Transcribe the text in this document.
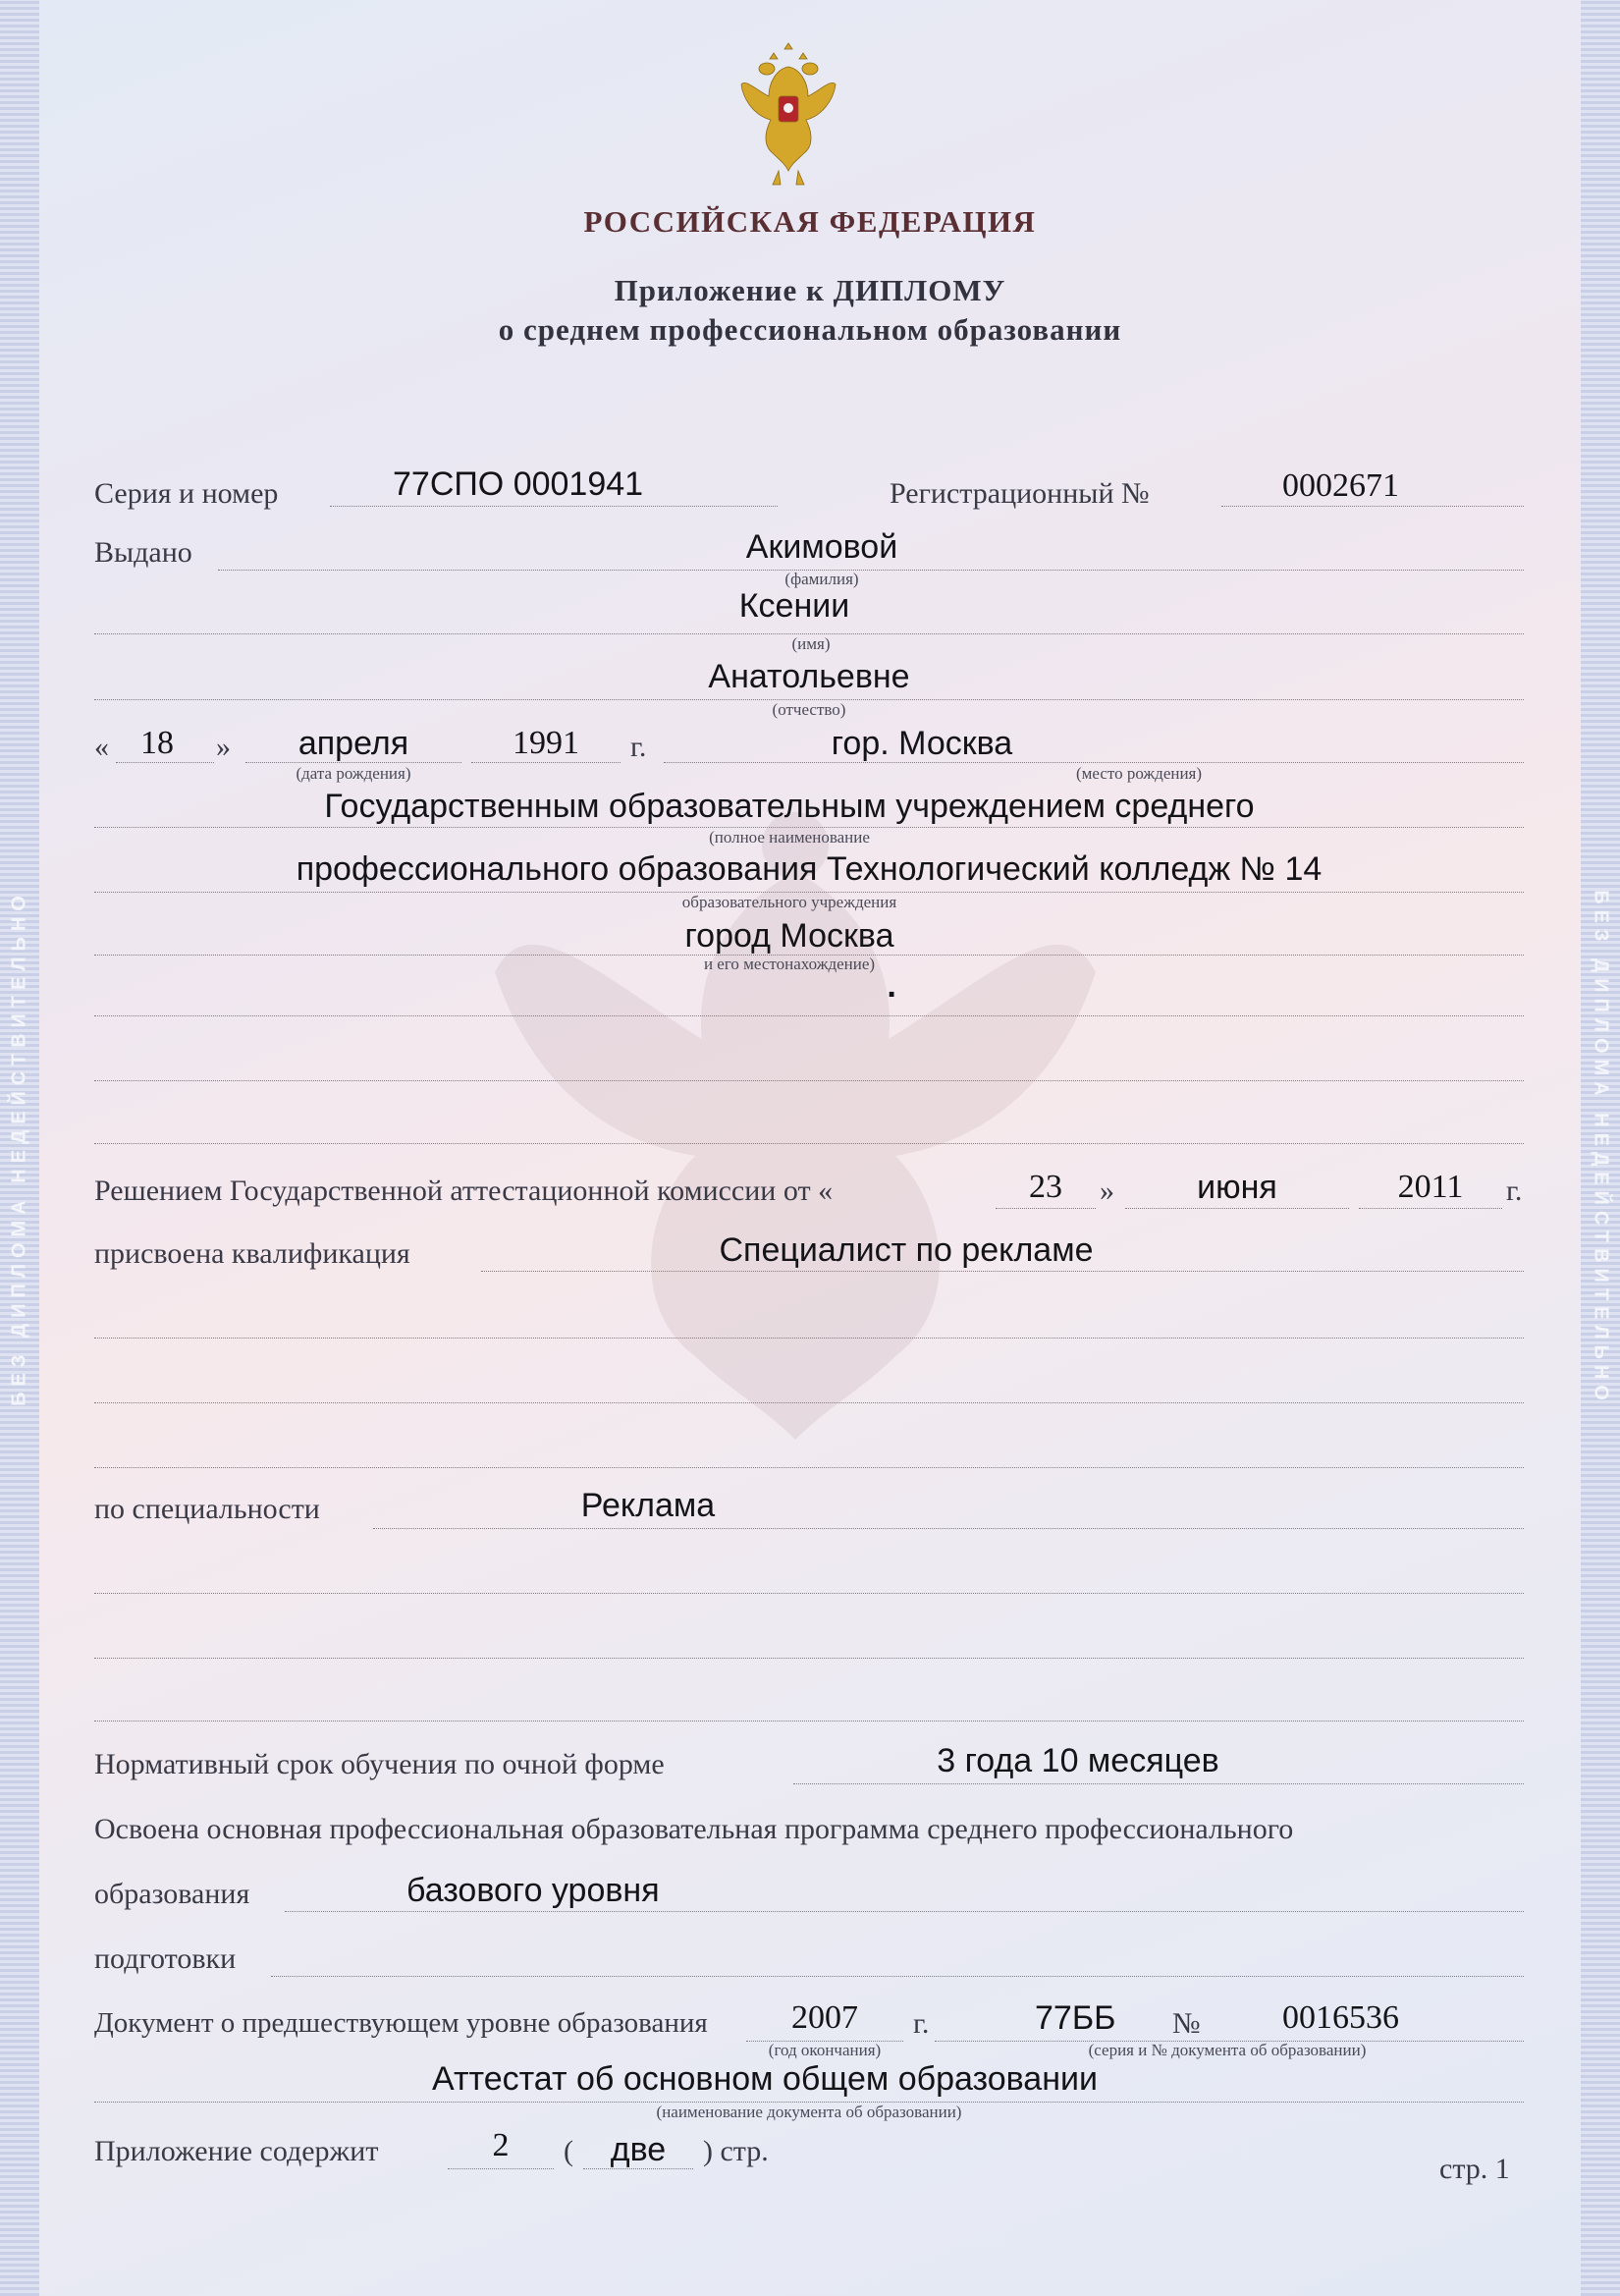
БЕЗ ДИПЛОМА НЕДЕЙСТВИТЕЛЬНО	БЕЗ ДИПЛОМА НЕДЕЙСТВИТЕЛЬНО
РОССИЙСКАЯ ФЕДЕРАЦИЯ
Приложение к ДИПЛОМУ
о среднем профессиональном образовании
Серия и номер	77СПО 0001941	Регистрационный №	0002671
Выдано	Акимовой
(фамилия)
Ксении
(имя)
Анатольевне
(отчество)
« 18	»	апреля	1991	г.
(дата рождения)
гор. Москва
(место рождения)
Государственным образовательным учреждением среднего
(полное наименование
профессионального образования Технологический колледж № 14
образовательного учреждения
город Москва
и его местонахождение)
·
Решением Государственной аттестационной комиссии от «	23	»	июня	2011	г.
присвоена квалификация	Специалист по рекламе
по специальности	Реклама
Нормативный срок обучения по очной форме	3 года 10 месяцев
Освоена основная профессиональная образовательная программа среднего профессионального
образования	базового уровня
подготовки
Документ о предшествующем уровне образования	2007
(год окончания)
г.	77ББ № 0016536
(серия и № документа об образовании)
Аттестат об основном общем образовании
(наименование документа об образовании)
Приложение содержит	2	(	две	) стр.
стр. 1
